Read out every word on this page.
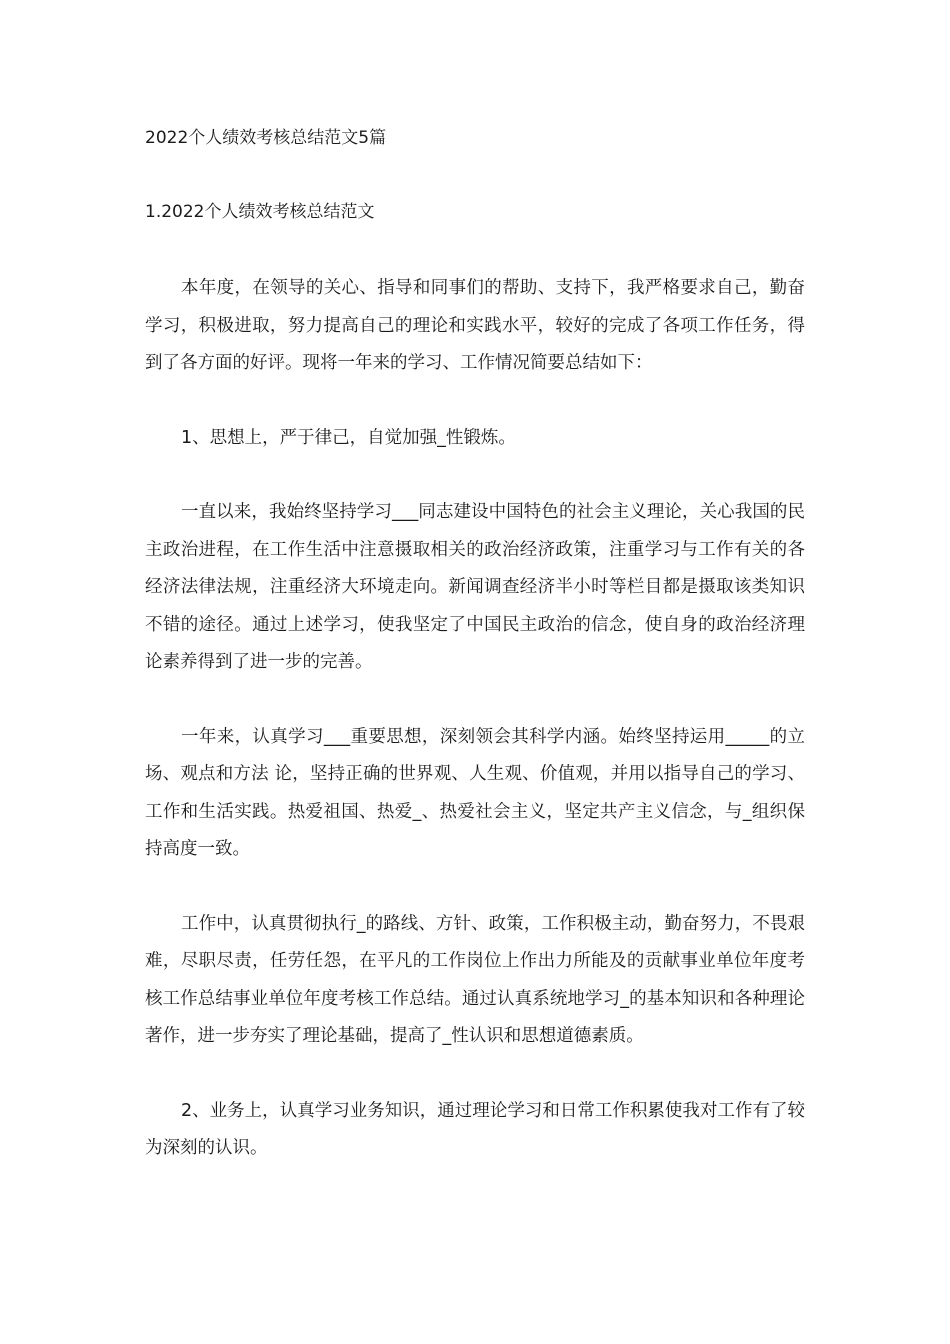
2022个人绩效考核总结范文5篇
1.2022个人绩效考核总结范文

本年度，在领导的关心、指导和同事们的帮助、支持下，我严格要求自己，勤奋学习，积极进取，努力提高自己的理论和实践水平，较好的完成了各项工作任务，得到了各方面的好评。现将一年来的学习、工作情况简要总结如下：

1、思想上，严于律己，自觉加强_性锻炼。

一直以来，我始终坚持学习___同志建设中国特色的社会主义理论，关心我国的民主政治进程，在工作生活中注意摄取相关的政治经济政策，注重学习与工作有关的各经济法律法规，注重经济大环境走向。新闻调查经济半小时等栏目都是摄取该类知识不错的途径。通过上述学习，使我坚定了中国民主政治的信念，使自身的政治经济理论素养得到了进一步的完善。

一年来，认真学习___重要思想，深刻领会其科学内涵。始终坚持运用_____的立场、观点和方法 论，坚持正确的世界观、人生观、价值观，并用以指导自己的学习、工作和生活实践。热爱祖国、热爱_、热爱社会主义，坚定共产主义信念，与_组织保持高度一致。

工作中，认真贯彻执行_的路线、方针、政策，工作积极主动，勤奋努力，不畏艰难，尽职尽责，任劳任怨，在平凡的工作岗位上作出力所能及的贡献事业单位年度考核工作总结事业单位年度考核工作总结。通过认真系统地学习_的基本知识和各种理论著作，进一步夯实了理论基础，提高了_性认识和思想道德素质。

2、业务上，认真学习业务知识，通过理论学习和日常工作积累使我对工作有了较为深刻的认识。
